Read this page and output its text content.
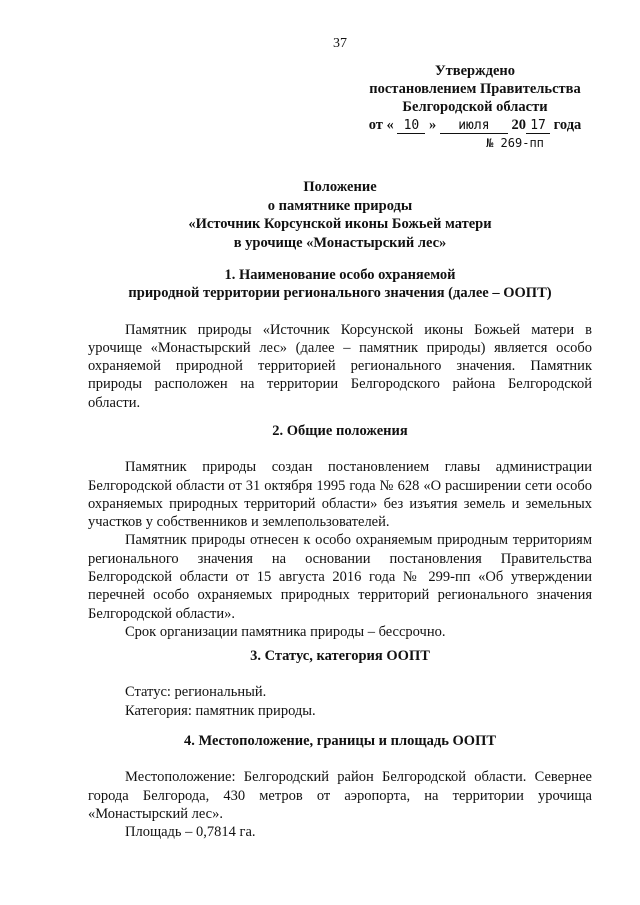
37
Утверждено
постановлением Правительства
Белгородской области
от « 10 » июля 20 17 года
№ 269-пп
Положение
о памятнике природы
«Источник Корсунской иконы Божьей матери
в урочище «Монастырский лес»
1. Наименование особо охраняемой
природной территории регионального значения (далее – ООПТ)

Памятник природы «Источник Корсунской иконы Божьей матери в урочище «Монастырский лес» (далее – памятник природы) является особо охраняемой природной территорией регионального значения. Памятник природы расположен на территории Белгородского района Белгородской области.

2. Общие положения

Памятник природы создан постановлением главы администрации Белгородской области от 31 октября 1995 года № 628 «О расширении сети особо охраняемых природных территорий области» без изъятия земель и земельных участков у собственников и землепользователей.

Памятник природы отнесен к особо охраняемым природным территориям регионального значения на основании постановления Правительства Белгородской области от 15 августа 2016 года № 299-пп «Об утверждении перечней особо охраняемых природных территорий регионального значения Белгородской области».

Срок организации памятника природы – бессрочно.

3. Статус, категория ООПТ

Статус: региональный.

Категория: памятник природы.

4. Местоположение, границы и площадь ООПТ

Местоположение: Белгородский район Белгородской области. Севернее города Белгорода, 430 метров от аэропорта, на территории урочища «Монастырский лес».

Площадь – 0,7814 га.
